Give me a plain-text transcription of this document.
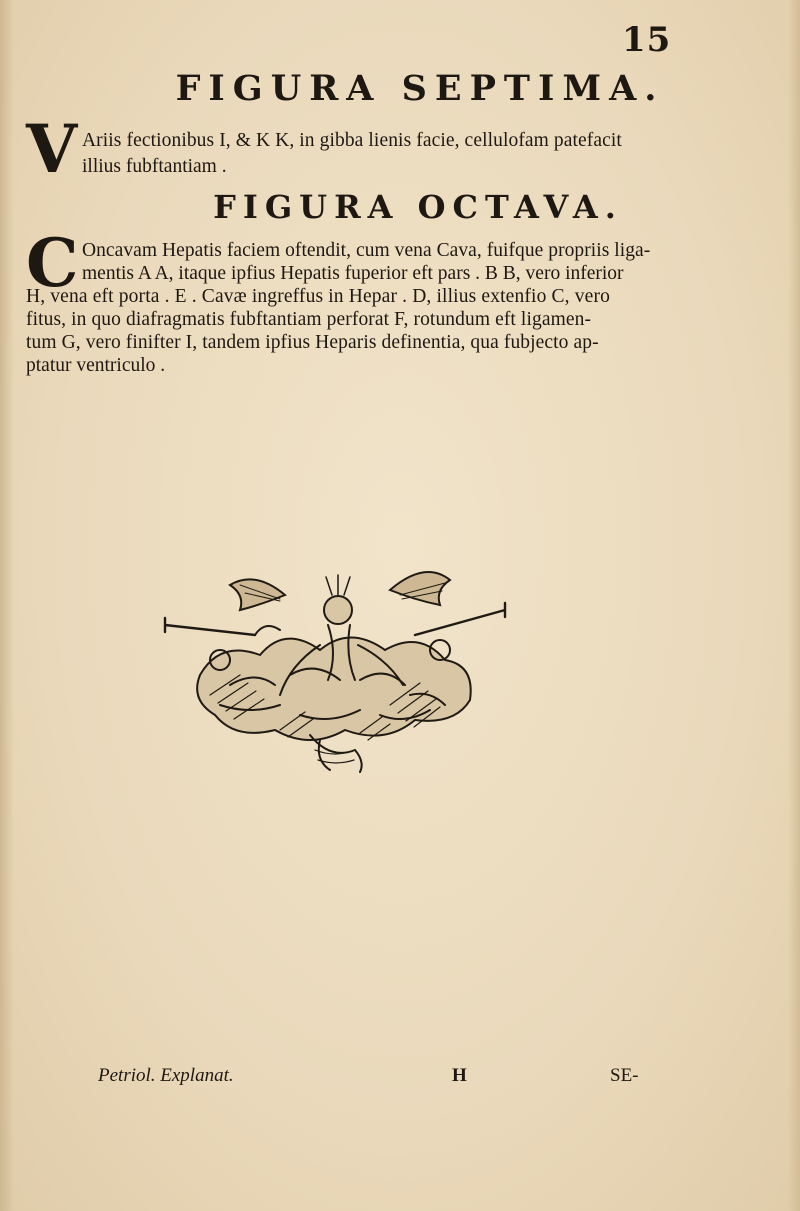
15
FIGURA SEPTIMA.
V Ariis fectionibus I, & K K, in gibba lienis facie, cellulofam patefacit
illius fubftantiam .
FIGURA OCTAVA.
C Oncavam Hepatis faciem oftendit, cum vena Cava, fuifque propriis liga-
mentis A A, itaque ipfius Hepatis fuperior eft pars . B B, vero inferior
H, vena eft porta . E . Cavæ ingreffus in Hepar . D, illius extenfio C, vero
fitus, in quo diafragmatis fubftantiam perforat F, rotundum eft ligamen-
tum G, vero finifter I, tandem ipfius Heparis definentia, qua fubjecto ap-
ptatur ventriculo .
Petriol. Explanat.	H	SE-
